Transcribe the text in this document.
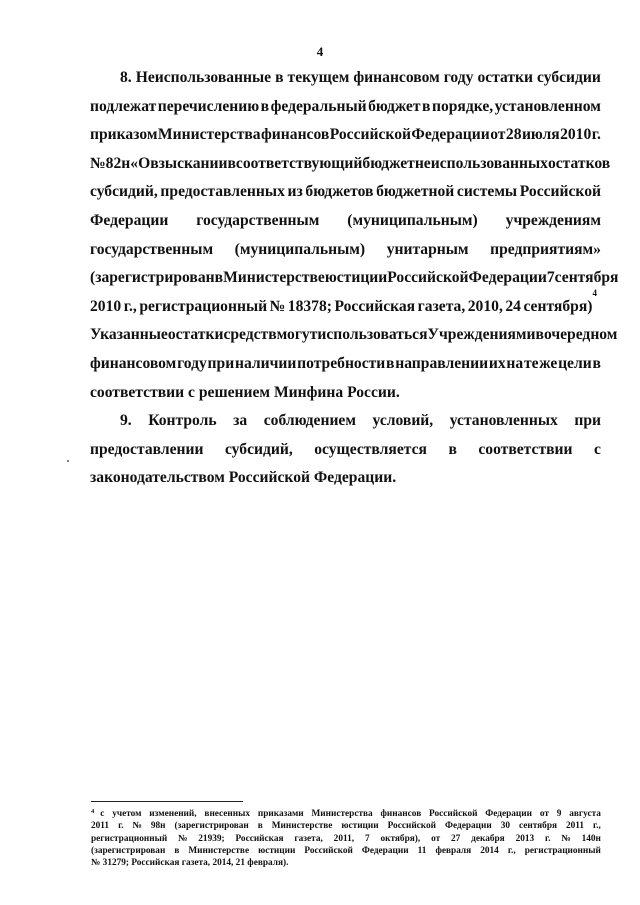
4
8. Неиспользованные в текущем финансовом году остатки субсидии
подлежат перечислению в федеральный бюджет в порядке, установленном
приказом Министерства финансов Российской Федерации от 28 июля 2010 г.
№ 82н «О взыскании в соответствующий бюджет неиспользованных остатков
субсидий, предоставленных из бюджетов бюджетной системы Российской
Федерации государственным (муниципальным) учреждениям
государственным (муниципальным) унитарным предприятиям»
(зарегистрирован в Министерстве юстиции Российской Федерации 7 сентября
2010 г., регистрационный № 18378; Российская газета, 2010, 24 сентября)
4
Указанные остатки средств могут использоваться Учреждениями в очередном
финансовом году при наличии потребности в направлении их на те же цели в
соответствии с решением Минфина России.
9. Контроль за соблюдением условий, установленных при
предоставлении субсидий, осуществляется в соответствии с
законодательством Российской Федерации.
4 с учетом изменений, внесенных приказами Министерства финансов Российской Федерации от 9 августа
2011 г. № 98н (зарегистрирован в Министерстве юстиции Российской Федерации 30 сентября 2011 г.,
регистрационный № 21939; Российская газета, 2011, 7 октября), от 27 декабря 2013 г. № 140н
(зарегистрирован в Министерстве юстиции Российской Федерации 11 февраля 2014 г., регистрационный
№ 31279; Российская газета, 2014, 21 февраля).
